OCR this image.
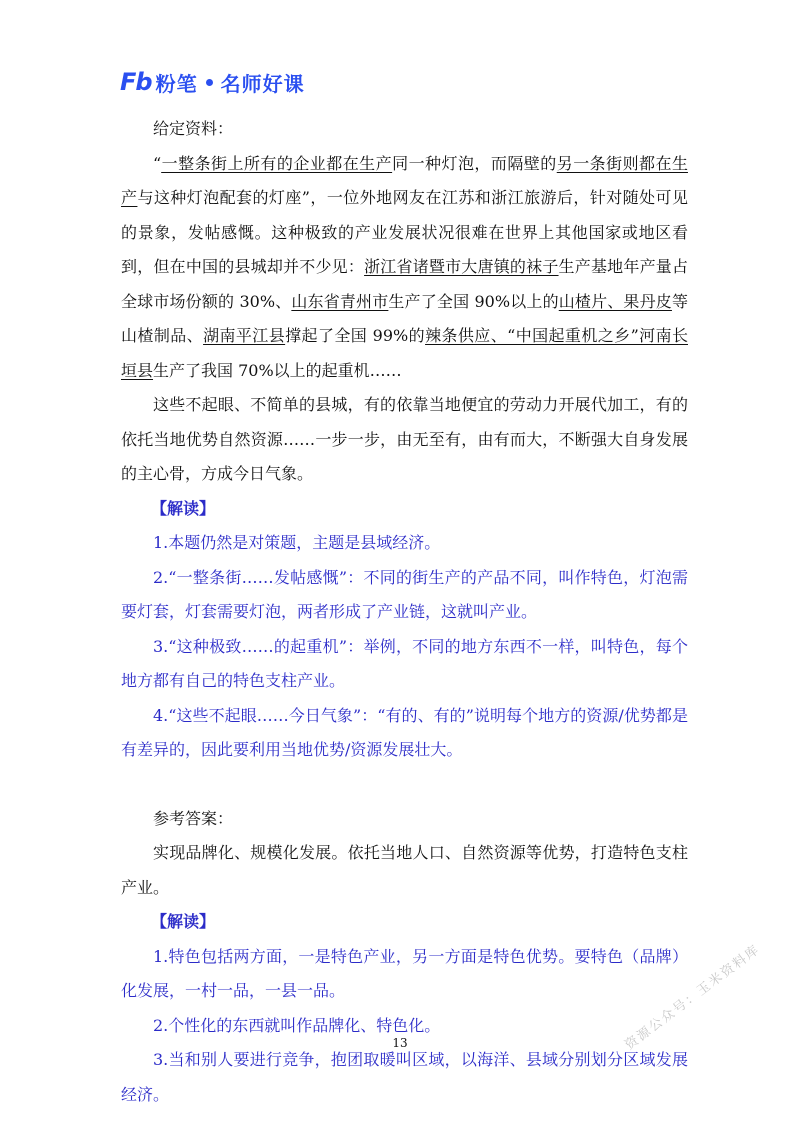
Fb 粉笔 名师好课

给定资料：

“一整条街上所有的企业都在生产同一种灯泡，而隔壁的另一条街则都在生产与这种灯泡配套的灯座”，一位外地网友在江苏和浙江旅游后，针对随处可见的景象，发帖感慨。这种极致的产业发展状况很难在世界上其他国家或地区看到，但在中国的县城却并不少见：浙江省诸暨市大唐镇的袜子生产基地年产量占全球市场份额的 30%、山东省青州市生产了全国 90%以上的山楂片、果丹皮等山楂制品、湖南平江县撑起了全国 99%的辣条供应、“中国起重机之乡”河南长垣县生产了我国 70%以上的起重机……

这些不起眼、不简单的县城，有的依靠当地便宜的劳动力开展代加工，有的依托当地优势自然资源……一步一步，由无至有，由有而大，不断强大自身发展的主心骨，方成今日气象。

【解读】

1.本题仍然是对策题，主题是县域经济。

2.“一整条街……发帖感慨”：不同的街生产的产品不同，叫作特色，灯泡需要灯套，灯套需要灯泡，两者形成了产业链，这就叫产业。

3.“这种极致……的起重机”：举例，不同的地方东西不一样，叫特色，每个地方都有自己的特色支柱产业。

4.“这些不起眼……今日气象”：“有的、有的”说明每个地方的资源/优势都是有差异的，因此要利用当地优势/资源发展壮大。

参考答案：

实现品牌化、规模化发展。依托当地人口、自然资源等优势，打造特色支柱产业。

【解读】

1.特色包括两方面，一是特色产业，另一方面是特色优势。要特色（品牌）化发展，一村一品，一县一品。

2.个性化的东西就叫作品牌化、特色化。

3.当和别人要进行竞争，抱团取暖叫区域，以海洋、县域分别划分区域发展经济。

13	资源公众号：玉米资料库
